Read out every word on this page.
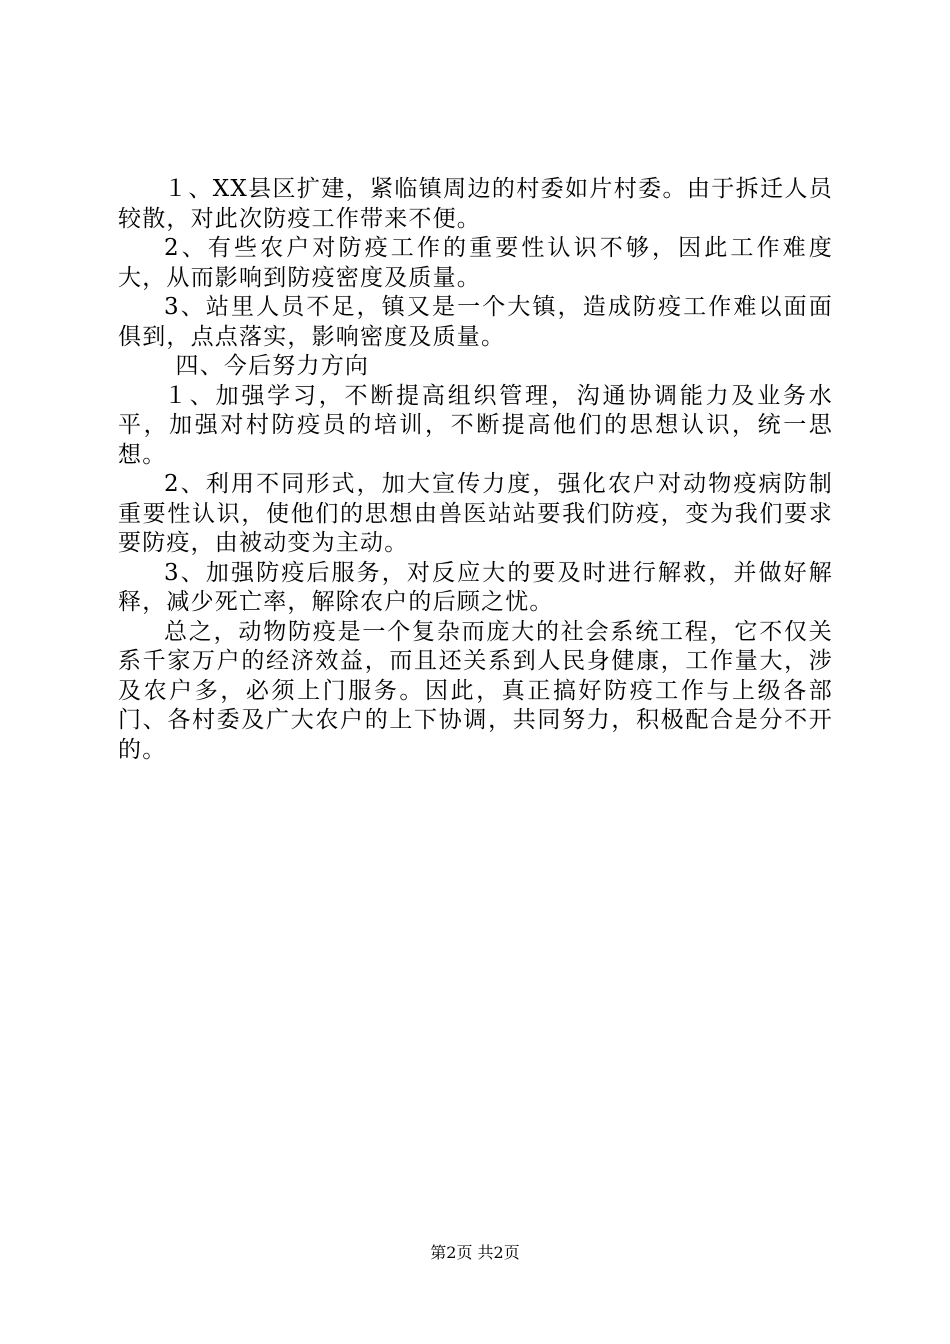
１、XX县区扩建，紧临镇周边的村委如片村委。由于拆迁人员较散，对此次防疫工作带来不便。

2、有些农户对防疫工作的重要性认识不够，因此工作难度大，从而影响到防疫密度及质量。

3、站里人员不足，镇又是一个大镇，造成防疫工作难以面面俱到，点点落实，影响密度及质量。

四、今后努力方向

１、加强学习，不断提高组织管理，沟通协调能力及业务水平，加强对村防疫员的培训，不断提高他们的思想认识，统一思想。

2、利用不同形式，加大宣传力度，强化农户对动物疫病防制重要性认识，使他们的思想由兽医站站要我们防疫，变为我们要求要防疫，由被动变为主动。

3、加强防疫后服务，对反应大的要及时进行解救，并做好解释，减少死亡率，解除农户的后顾之忧。

总之，动物防疫是一个复杂而庞大的社会系统工程，它不仅关系千家万户的经济效益，而且还关系到人民身健康，工作量大，涉及农户多，必须上门服务。因此，真正搞好防疫工作与上级各部门、各村委及广大农户的上下协调，共同努力，积极配合是分不开的。

第2页 共2页
